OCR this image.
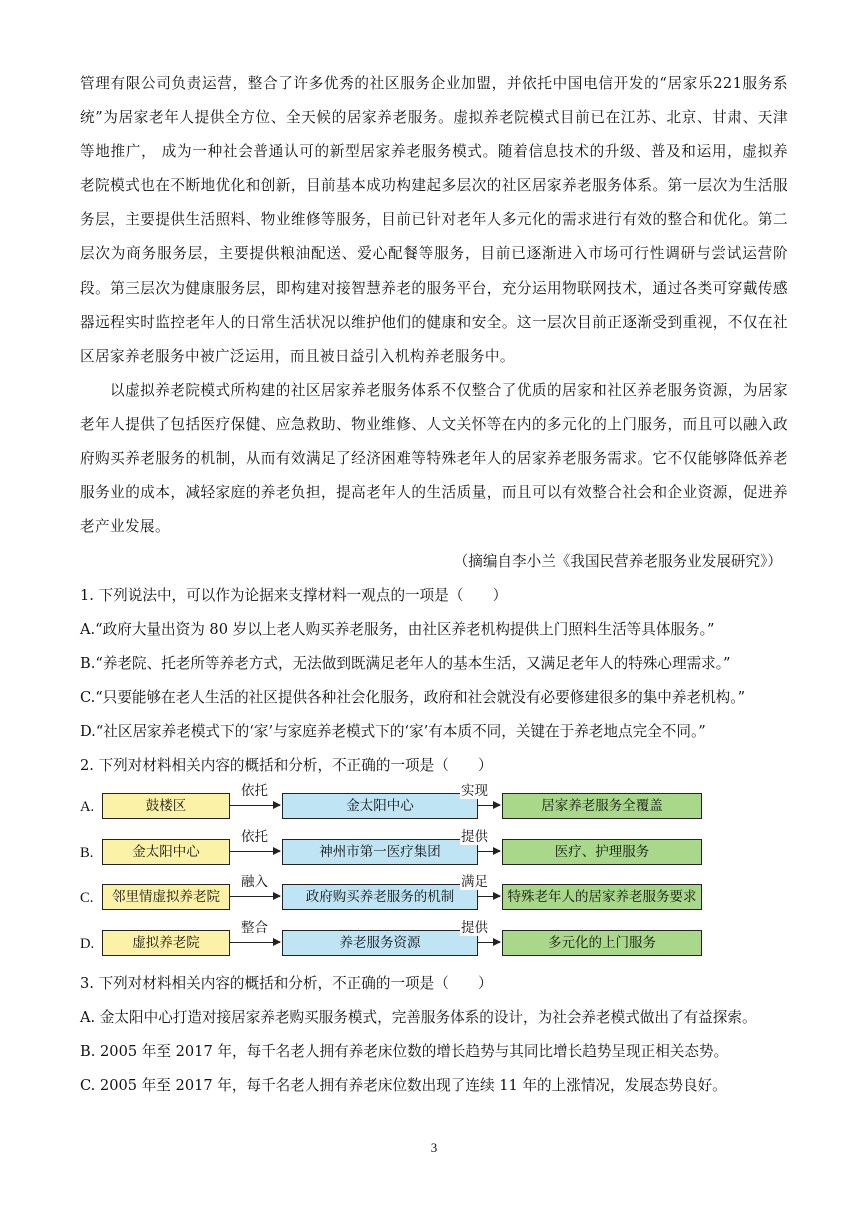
管理有限公司负责运营，整合了许多优秀的社区服务企业加盟，并依托中国电信开发的“居家乐221服务系统”为居家老年人提供全方位、全天候的居家养老服务。虚拟养老院模式目前已在江苏、北京、甘肃、天津等地推广， 成为一种社会普通认可的新型居家养老服务模式。随着信息技术的升级、普及和运用，虚拟养老院模式也在不断地优化和创新，目前基本成功构建起多层次的社区居家养老服务体系。第一层次为生活服务层，主要提供生活照料、物业维修等服务，目前已针对老年人多元化的需求进行有效的整合和优化。第二层次为商务服务层，主要提供粮油配送、爱心配餐等服务，目前已逐渐进入市场可行性调研与尝试运营阶段。第三层次为健康服务层，即构建对接智慧养老的服务平台，充分运用物联网技术，通过各类可穿戴传感器远程实时监控老年人的日常生活状况以维护他们的健康和安全。这一层次目前正逐渐受到重视，不仅在社区居家养老服务中被广泛运用，而且被日益引入机构养老服务中。

以虚拟养老院模式所构建的社区居家养老服务体系不仅整合了优质的居家和社区养老服务资源，为居家老年人提供了包括医疗保健、应急救助、物业维修、人文关怀等在内的多元化的上门服务，而且可以融入政府购买养老服务的机制，从而有效满足了经济困难等特殊老年人的居家养老服务需求。它不仅能够降低养老服务业的成本，减轻家庭的养老负担，提高老年人的生活质量，而且可以有效整合社会和企业资源，促进养老产业发展。

（摘编自李小兰《我国民营养老服务业发展研究》）
1. 下列说法中，可以作为论据来支撑材料一观点的一项是（　　）
A.“政府大量出资为 80 岁以上老人购买养老服务，由社区养老机构提供上门照料生活等具体服务。”
B.“养老院、托老所等养老方式，无法做到既满足老年人的基本生活，又满足老年人的特殊心理需求。”
C.“只要能够在老人生活的社区提供各种社会化服务，政府和社会就没有必要修建很多的集中养老机构。”
D.“社区居家养老模式下的‘家’与家庭养老模式下的‘家’有本质不同，关键在于养老地点完全不同。”
2. 下列对材料相关内容的概括和分析，不正确的一项是（　　）
A.	鼓楼区
依托
金太阳中心
实现
居家养老服务全覆盖
B.	金太阳中心
依托
神州市第一医疗集团
提供
医疗、护理服务
C.	邻里情虚拟养老院
融入
政府购买养老服务的机制
满足
特殊老年人的居家养老服务要求
D.	虚拟养老院
整合
养老服务资源
提供
多元化的上门服务
3. 下列对材料相关内容的概括和分析，不正确的一项是（　　）
A. 金太阳中心打造对接居家养老购买服务模式，完善服务体系的设计，为社会养老模式做出了有益探索。
B. 2005 年至 2017 年，每千名老人拥有养老床位数的增长趋势与其同比增长趋势呈现正相关态势。
C. 2005 年至 2017 年，每千名老人拥有养老床位数出现了连续 11 年的上涨情况，发展态势良好。
3
